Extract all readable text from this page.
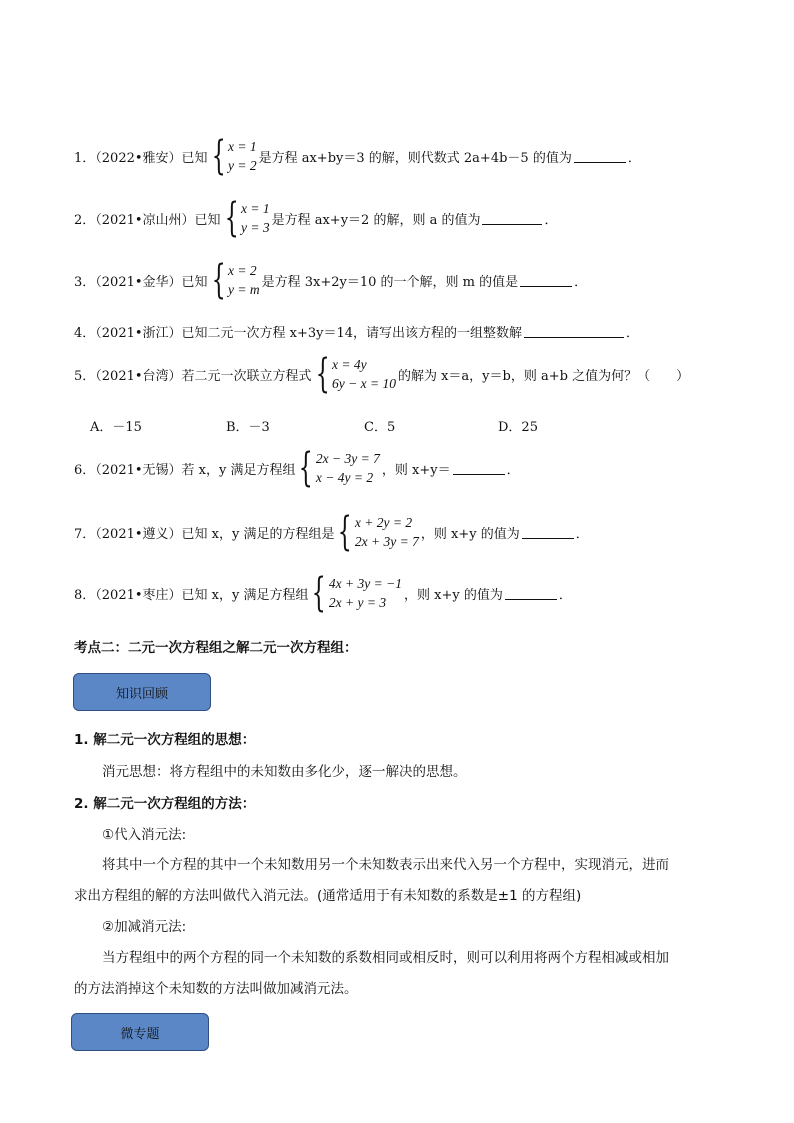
1．（2022•雅安）已知 { x = 1
y = 2 是方程 ax+by＝3 的解，则代数式 2a+4b－5 的值为	．
2．（2021•凉山州）已知 { x = 1
y = 3 是方程 ax+y＝2 的解，则 a 的值为	．
3．（2021•金华）已知 { x = 2
y = m 是方程 3x+2y＝10 的一个解，则 m 的值是	．
4．（2021•浙江）已知二元一次方程 x+3y＝14，请写出该方程的一组整数解	．
5．（2021•台湾）若二元一次联立方程式 { x = 4y
6y − x = 10 的解为 x＝a，y＝b，则 a+b 之值为何？（　　）
A．－15	B．－3	C．5	D．25
6．（2021•无锡）若 x，y 满足方程组 { 2x − 3y = 7
x − 4y = 2 ，则 x+y＝	．
7．（2021•遵义）已知 x，y 满足的方程组是 { x + 2y = 2
2x + 3y = 7 ，则 x+y 的值为	．
8．（2021•枣庄）已知 x，y 满足方程组 { 4x + 3y = −1
2x + y = 3	，则 x+y 的值为	．
考点二：二元一次方程组之解二元一次方程组：
知识回顾
1. 解二元一次方程组的思想：
消元思想：将方程组中的未知数由多化少，逐一解决的思想。
2. 解二元一次方程组的方法：
①代入消元法:
将其中一个方程的其中一个未知数用另一个未知数表示出来代入另一个方程中，实现消元，进而
求出方程组的解的方法叫做代入消元法。(通常适用于有未知数的系数是±1 的方程组)
②加减消元法:
当方程组中的两个方程的同一个未知数的系数相同或相反时，则可以利用将两个方程相减或相加
的方法消掉这个未知数的方法叫做加减消元法。
微专题
